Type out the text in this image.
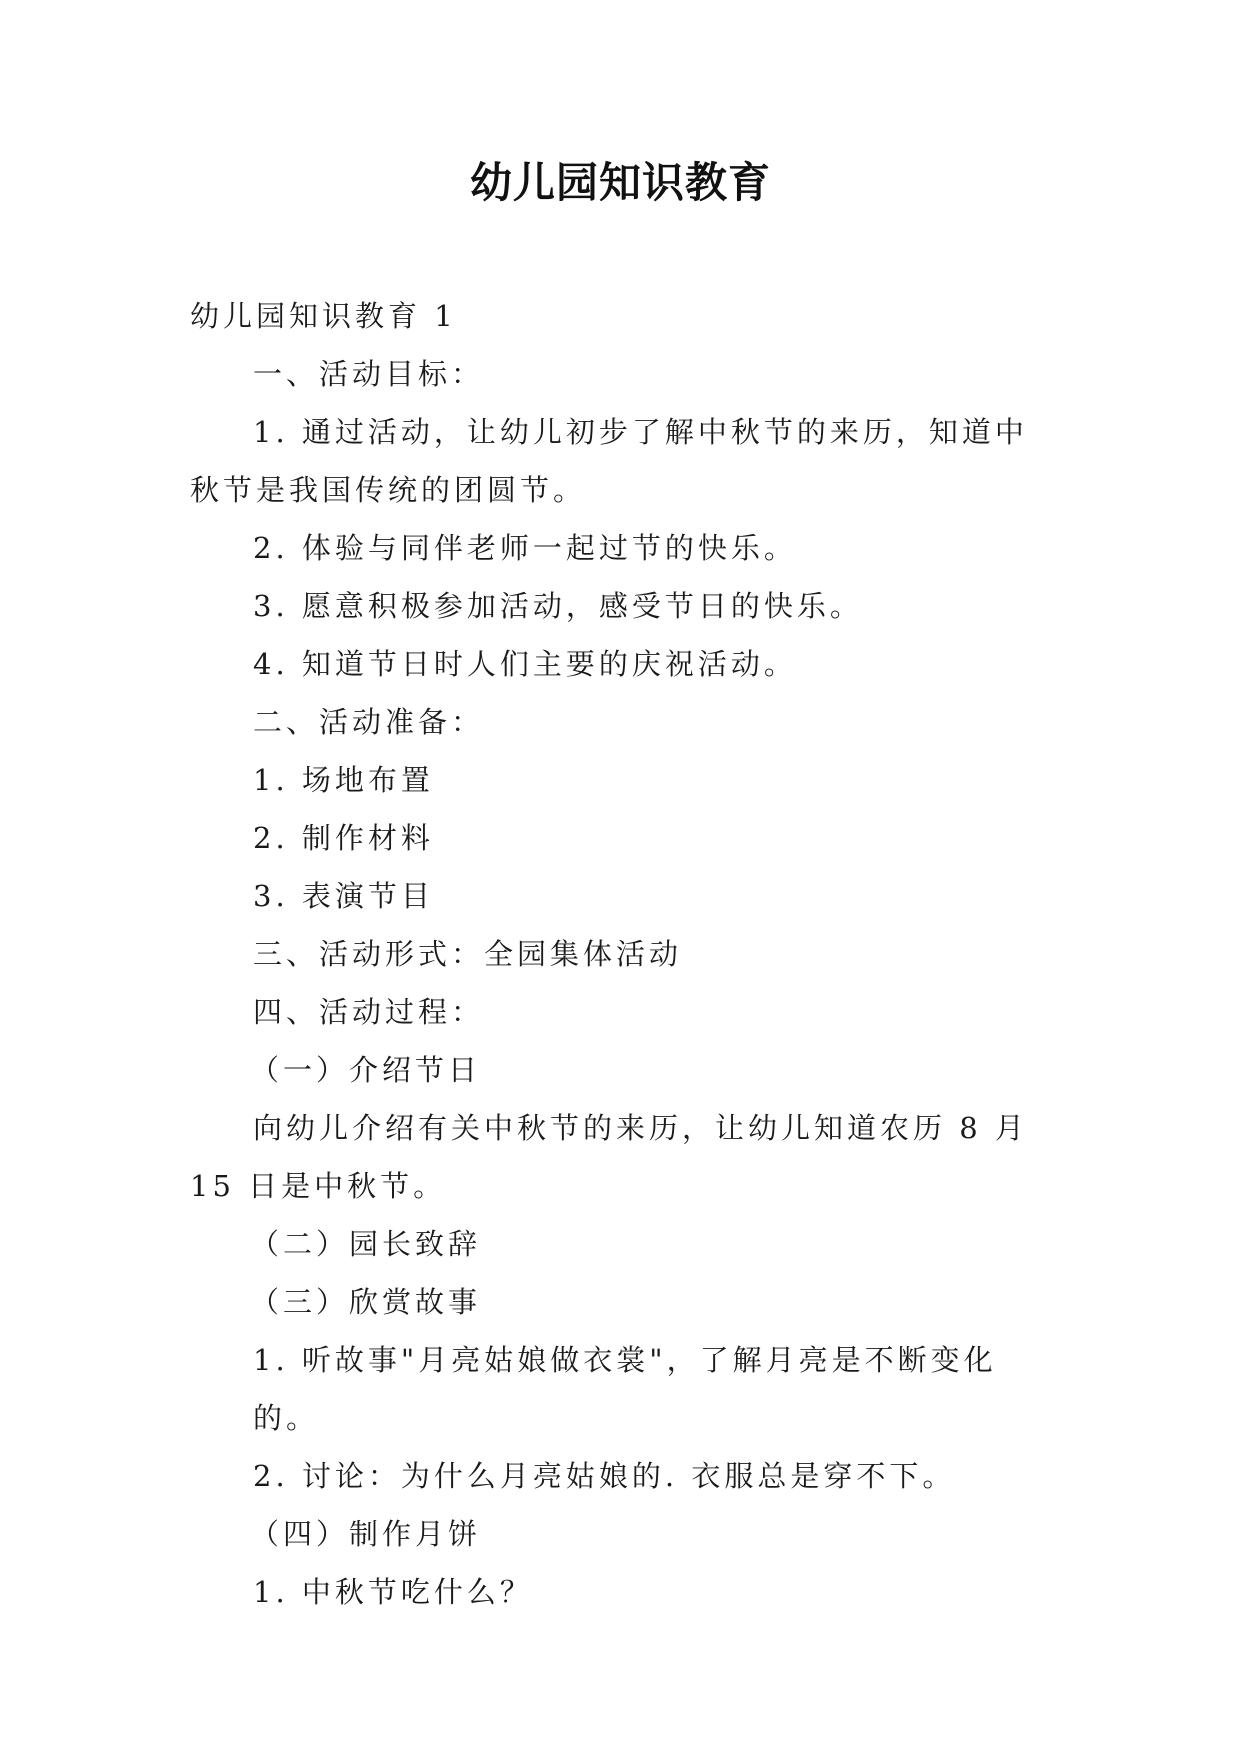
幼儿园知识教育

幼儿园知识教育 1

一、活动目标：

1. 通过活动，让幼儿初步了解中秋节的来历，知道中秋节是我国传统的团圆节。

2. 体验与同伴老师一起过节的快乐。

3. 愿意积极参加活动，感受节日的快乐。

4. 知道节日时人们主要的庆祝活动。

二、活动准备：

1. 场地布置

2. 制作材料

3. 表演节目

三、活动形式：全园集体活动

四、活动过程：

（一）介绍节日

向幼儿介绍有关中秋节的来历，让幼儿知道农历 8 月 15 日是中秋节。

（二）园长致辞

（三）欣赏故事

1. 听故事"月亮姑娘做衣裳"，了解月亮是不断变化的。

2. 讨论：为什么月亮姑娘的. 衣服总是穿不下。

（四）制作月饼

1. 中秋节吃什么？
